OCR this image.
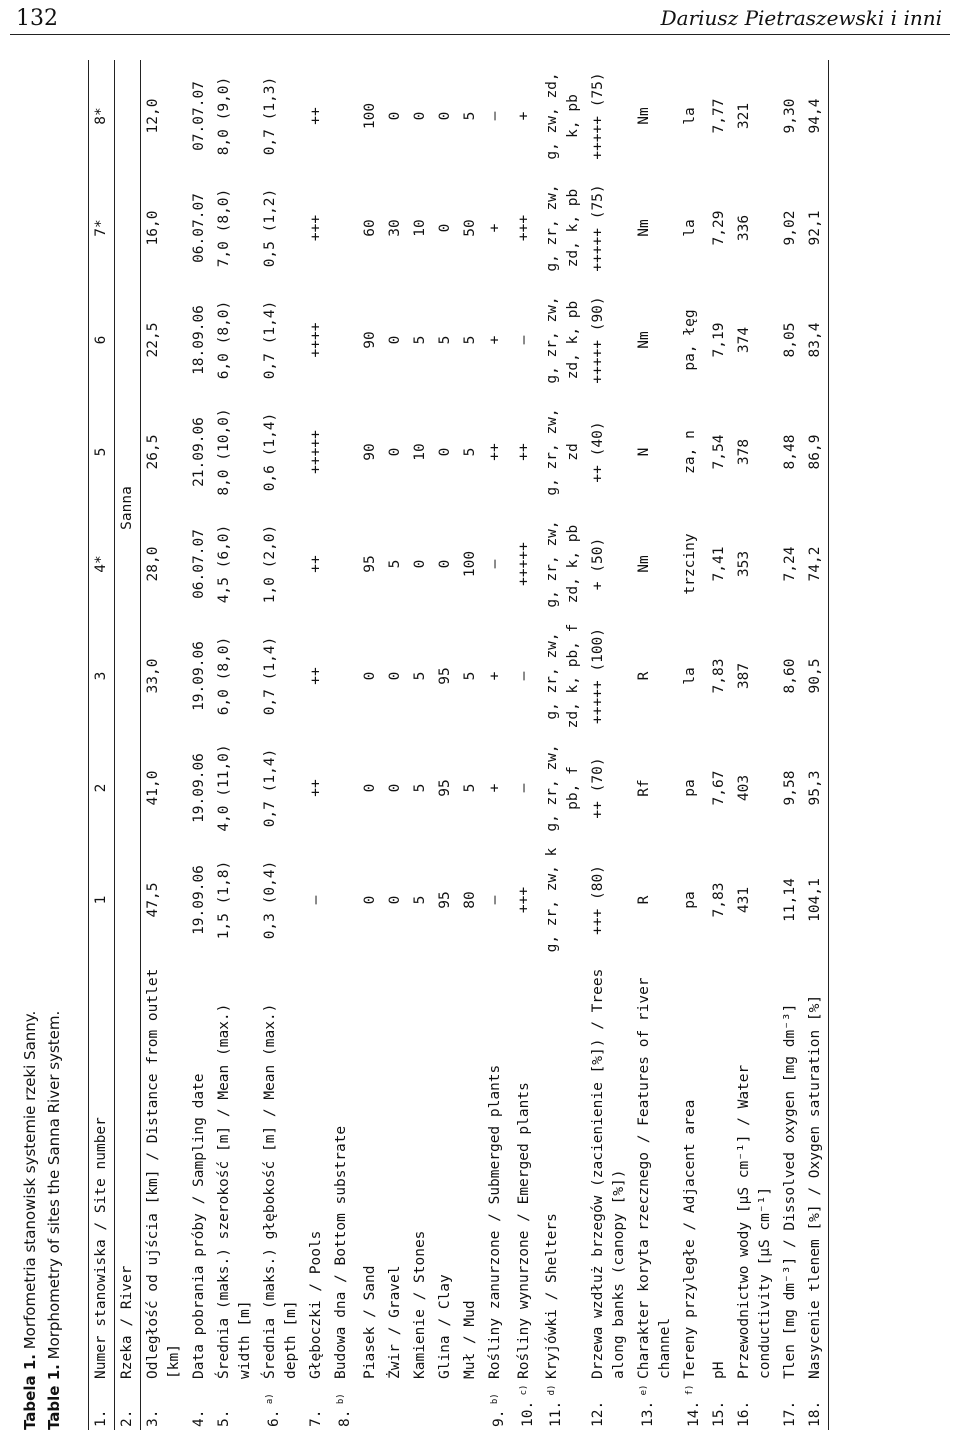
132	Dariusz Pietraszewski i inni
Tabela 1. Morfometria stanowisk systemie rzeki Sanny.
Table 1. Morphometry of sites the Sanna River system.
1.	Numer stanowiska / Site number	1	2	3	4*	5	6	7*	8*
2.	Rzeka / River	Sanna							
3.	Odległość od ujścia [km] / Distance from outlet [km]	47,5	41,0	33,0	28,0	26,5	22,5	16,0	12,0
4.	Data pobrania próby / Sampling date	19.09.06	19.09.06	19.09.06	06.07.07	21.09.06	18.09.06	06.07.07	07.07.07
5.	Średnia (maks.) szerokość [m] / Mean (max.) width [m]	1,5 (1,8)	4,0 (11,0)	6,0 (8,0)	4,5 (6,0)	8,0 (10,0)	6,0 (8,0)	7,0 (8,0)	8,0 (9,0)
6. $^{a)}$	Średnia (maks.) głębokość [m] / Mean (max.) depth [m]	0,3 (0,4)	0,7 (1,4)	0,7 (1,4)	1,0 (2,0)	0,6 (1,4)	0,7 (1,4)	0,5 (1,2)	0,7 (1,3)
7.	Głęboczki / Pools	–	++	++	++	+++++	++++	+++	++
8. $^{b)}$	Budowa dna / Bottom substrate								
	Piasek / Sand	0	0	0	95	90	90	60	100
	Żwir / Gravel	0	0	0	5	0	0	30	0
	Kamienie / Stones	5	5	5	0	10	5	10	0
	Glina / Clay	95	95	95	0	0	5	0	0
	Muł / Mud	80	5	5	100	5	5	50	5
9. $^{b)}$	Rośliny zanurzone / Submerged plants	–	+	+	–	++	+	+	–
10. $^{c)}$	Rośliny wynurzone / Emerged plants	+++	–	–	+++++	++	–	+++	+
11. $^{d)}$	Kryjówki / Shelters	g, zr, zw, k	g, zr, zw, pb, f	g, zr, zw, zd, k, pb, f	g, zr, zw, zd, k, pb	g, zr, zw, zd	g, zr, zw, zd, k, pb	g, zr, zw, zd, k, pb	g, zw, zd, k, pb
12.	Drzewa wzdłuż brzegów (zacienienie [%]) / Trees along banks (canopy [%])	+++ (80)	++ (70)	+++++ (100)	+ (50)	++ (40)	+++++ (90)	+++++ (75)	+++++ (75)
13. $^{e)}$	Charakter koryta rzecznego / Features of river channel	R	Rf	R	Nm	N	Nm	Nm	Nm
14. $^{f)}$	Tereny przyległe / Adjacent area	pa	pa	la	trzciny	za, n	pa, łęg	la	la
15.	pH	7,83	7,67	7,83	7,41	7,54	7,19	7,29	7,77
16.	Przewodnictwo wody [µS cm⁻¹] / Water conductivity [µS cm⁻¹]	431	403	387	353	378	374	336	321
17.	Tlen [mg dm⁻³] / Dissolved oxygen [mg dm⁻³]	11,14	9,58	8,60	7,24	8,48	8,05	9,02	9,30
18.	Nasycenie tlenem [%] / Oxygen saturation [%]	104,1	95,3	90,5	74,2	86,9	83,4	92,1	94,4
